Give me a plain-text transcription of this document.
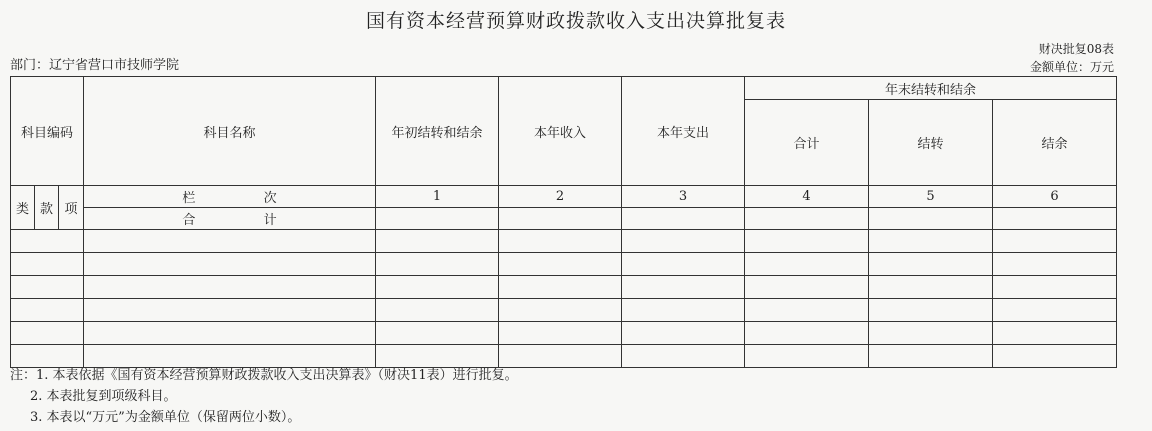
国有资本经营预算财政拨款收入支出决算批复表
部门：辽宁省营口市技师学院
财决批复08表
金额单位：万元
科目编码			科目名称	年初结转和结余	本年收入	本年支出	年末结转和结余		
							合计	结转	结余
类	款	项	栏 次	1	2	3	4	5	6
			合 计						

注：1. 本表依据《国有资本经营预算财政拨款收入支出决算表》（财决11表）进行批复。
2. 本表批复到项级科目。
3. 本表以“万元”为金额单位（保留两位小数）。
